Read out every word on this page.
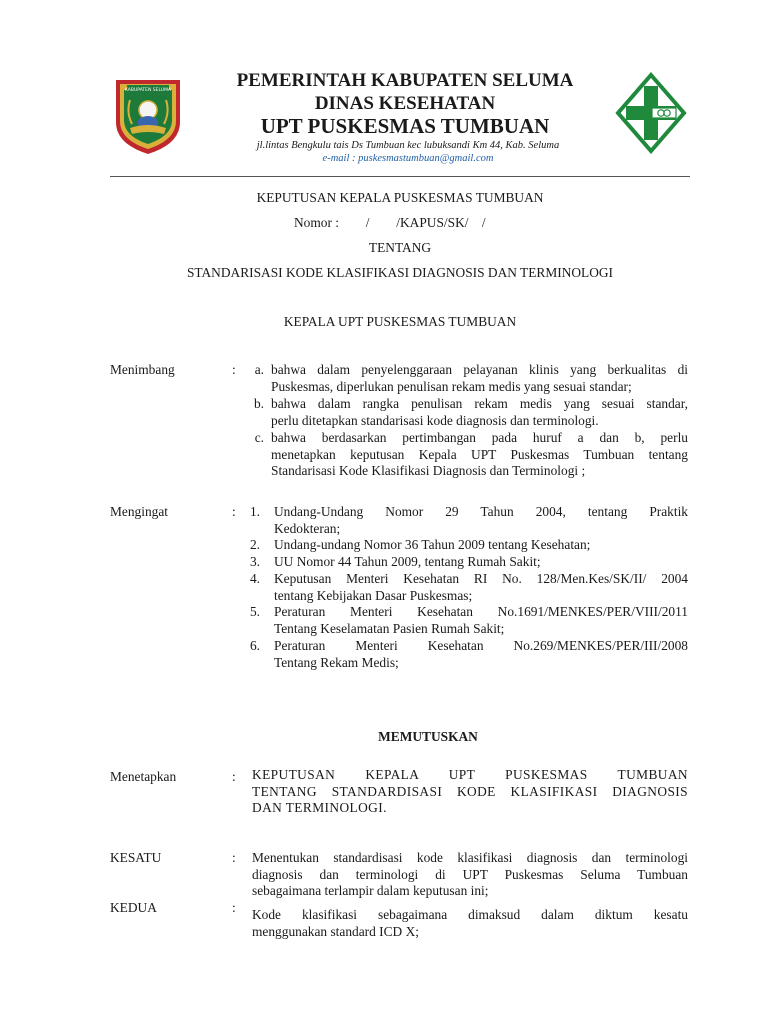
KABUPATEN SELUMA	PEMERINTAH KABUPATEN SELUMA
DINAS KESEHATAN
UPT PUSKESMAS TUMBUAN
jl.lintas Bengkulu tais Ds Tumbuan kec lubuksandi Km 44, Kab. Seluma
e-mail : puskesmastumbuan@gmail.com
KEPUTUSAN KEPALA PUSKESMAS TUMBUAN
Nomor :        /        /KAPUS/SK/    /
TENTANG
STANDARISASI KODE KLASIFIKASI DIAGNOSIS DAN TERMINOLOGI
KEPALA UPT PUSKESMAS TUMBUAN
Menimbang	:	a. bahwa dalam penyelenggaraan pelayanan klinis yang berkualitas di
Puskesmas, diperlukan penulisan rekam medis yang sesuai standar;
b. bahwa dalam rangka penulisan rekam medis yang sesuai standar,
perlu ditetapkan standarisasi kode diagnosis dan terminologi.
c. bahwa berdasarkan pertimbangan pada huruf a dan b, perlu
menetapkan keputusan Kepala UPT Puskesmas Tumbuan tentang
Standarisasi Kode Klasifikasi Diagnosis dan Terminologi ;
Mengingat	:	1. Undang-Undang Nomor 29 Tahun 2004, tentang Praktik
Kedokteran;
2. Undang-undang Nomor 36 Tahun 2009 tentang Kesehatan;
3. UU Nomor 44 Tahun 2009, tentang Rumah Sakit;
4. Keputusan Menteri Kesehatan RI No. 128/Men.Kes/SK/II/ 2004
tentang Kebijakan Dasar Puskesmas;
5. Peraturan Menteri Kesehatan No.1691/MENKES/PER/VIII/2011
Tentang Keselamatan Pasien Rumah Sakit;
6. Peraturan Menteri Kesehatan No.269/MENKES/PER/III/2008
Tentang Rekam Medis;
MEMUTUSKAN
Menetapkan	: KEPUTUSAN KEPALA UPT PUSKESMAS TUMBUAN
TENTANG STANDARDISASI KODE KLASIFIKASI DIAGNOSIS
DAN TERMINOLOGI.
KESATU	: Menentukan standardisasi kode klasifikasi diagnosis dan terminologi
diagnosis dan terminologi di UPT Puskesmas Seluma Tumbuan
sebagaimana terlampir dalam keputusan ini;
KEDUA	: Kode klasifikasi sebagaimana dimaksud dalam diktum kesatu
menggunakan standard ICD X;
